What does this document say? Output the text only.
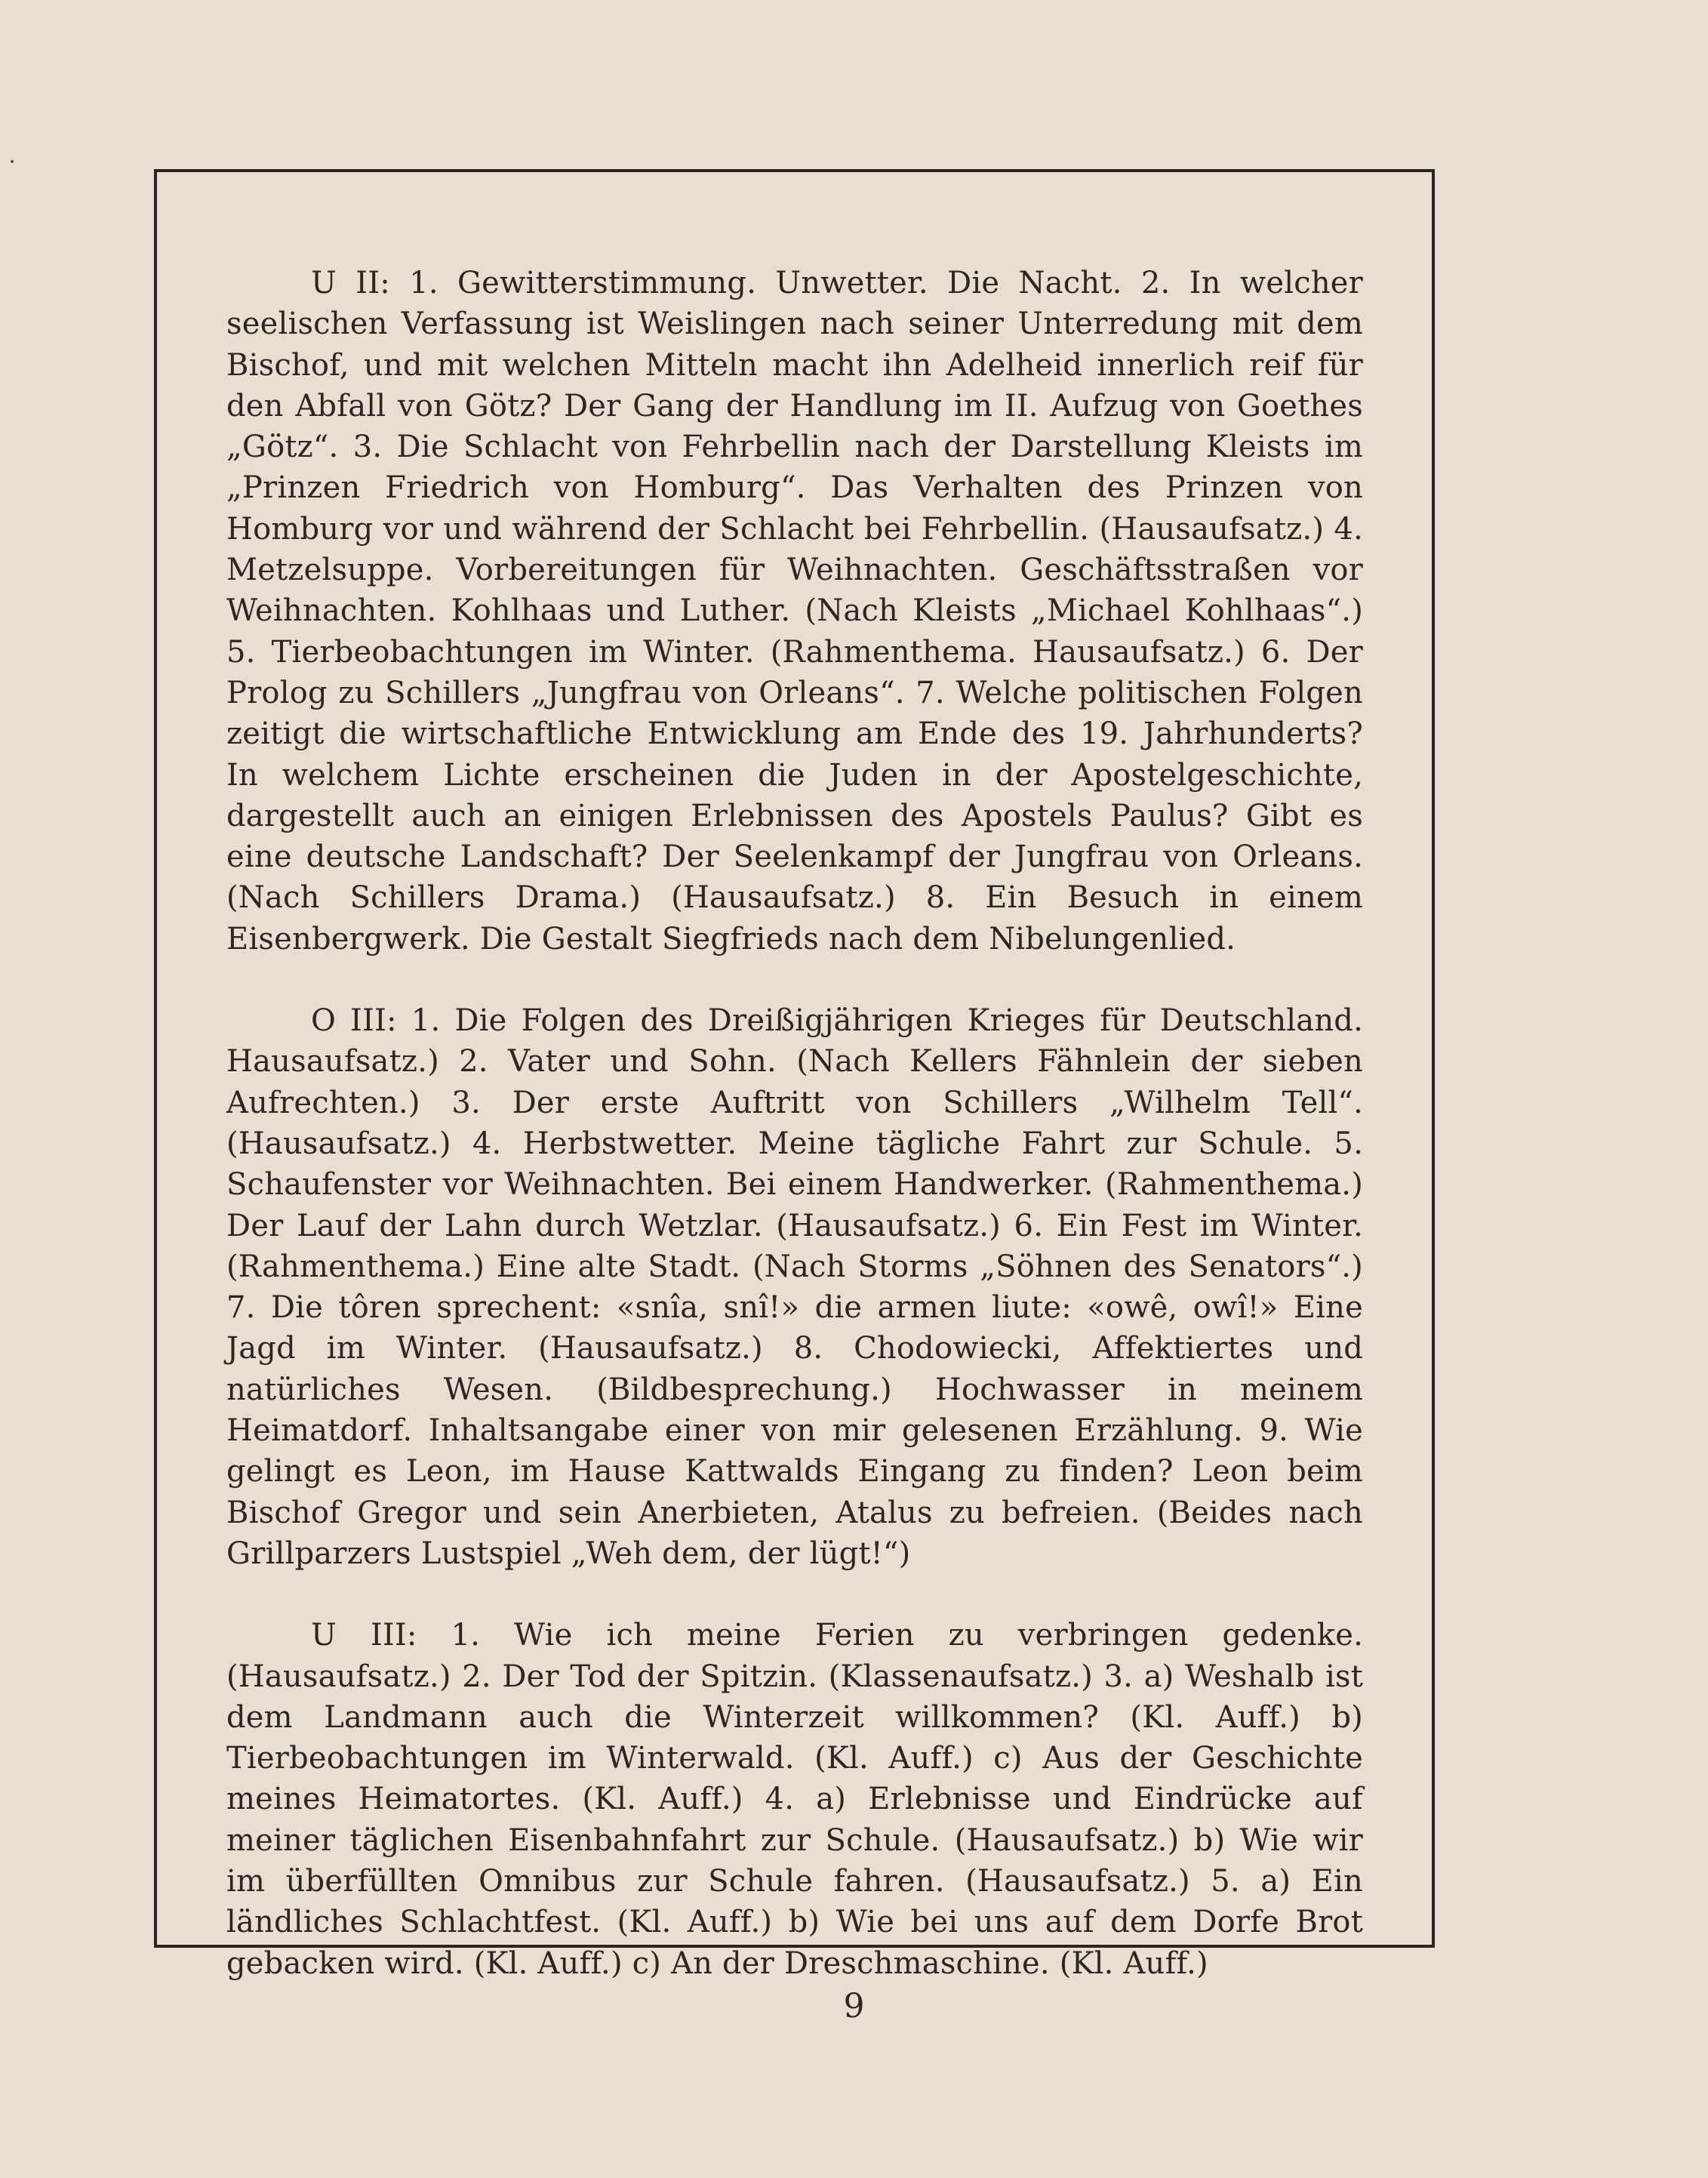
U II: 1. Gewitterstimmung. Unwetter. Die Nacht. 2. In welcher seelischen Verfassung ist Weislingen nach seiner Unterredung mit dem Bischof, und mit welchen Mitteln macht ihn Adelheid innerlich reif für den Abfall von Götz? Der Gang der Handlung im II. Aufzug von Goethes „Götz“. 3. Die Schlacht von Fehrbellin nach der Darstellung Kleists im „Prinzen Friedrich von Homburg“. Das Verhalten des Prinzen von Homburg vor und während der Schlacht bei Fehrbellin. (Hausaufsatz.) 4. Metzelsuppe. Vorbereitungen für Weihnachten. Geschäftsstraßen vor Weihnachten. Kohlhaas und Luther. (Nach Kleists „Michael Kohlhaas“.) 5. Tierbeobachtungen im Winter. (Rahmenthema. Hausaufsatz.) 6. Der Prolog zu Schillers „Jungfrau von Orleans“. 7. Welche politischen Folgen zeitigt die wirtschaftliche Entwicklung am Ende des 19. Jahrhunderts? In welchem Lichte erscheinen die Juden in der Apostelgeschichte, dargestellt auch an einigen Erlebnissen des Apostels Paulus? Gibt es eine deutsche Landschaft? Der Seelenkampf der Jungfrau von Orleans. (Nach Schillers Drama.) (Hausaufsatz.) 8. Ein Besuch in einem Eisenbergwerk. Die Gestalt Siegfrieds nach dem Nibelungenlied.

O III: 1. Die Folgen des Dreißigjährigen Krieges für Deutschland. Hausaufsatz.) 2. Vater und Sohn. (Nach Kellers Fähnlein der sieben Aufrechten.) 3. Der erste Auftritt von Schillers „Wilhelm Tell“. (Hausaufsatz.) 4. Herbstwetter. Meine tägliche Fahrt zur Schule. 5. Schaufenster vor Weihnachten. Bei einem Handwerker. (Rahmenthema.) Der Lauf der Lahn durch Wetzlar. (Hausaufsatz.) 6. Ein Fest im Winter. (Rahmenthema.) Eine alte Stadt. (Nach Storms „Söhnen des Senators“.) 7. Die tôren sprechent: «snîa, snî!» die armen liute: «owê, owî!» Eine Jagd im Winter. (Hausaufsatz.) 8. Chodowiecki, Affektiertes und natürliches Wesen. (Bildbesprechung.) Hochwasser in meinem Heimatdorf. Inhaltsangabe einer von mir gelesenen Erzählung. 9. Wie gelingt es Leon, im Hause Kattwalds Eingang zu finden? Leon beim Bischof Gregor und sein Anerbieten, Atalus zu befreien. (Beides nach Grillparzers Lustspiel „Weh dem, der lügt!“)

U III: 1. Wie ich meine Ferien zu verbringen gedenke. (Hausaufsatz.) 2. Der Tod der Spitzin. (Klassenaufsatz.) 3. a) Weshalb ist dem Landmann auch die Winterzeit willkommen? (Kl. Auff.) b) Tierbeobachtungen im Winterwald. (Kl. Auff.) c) Aus der Geschichte meines Heimatortes. (Kl. Auff.) 4. a) Erlebnisse und Eindrücke auf meiner täglichen Eisenbahnfahrt zur Schule. (Hausaufsatz.) b) Wie wir im überfüllten Omnibus zur Schule fahren. (Hausaufsatz.) 5. a) Ein ländliches Schlachtfest. (Kl. Auff.) b) Wie bei uns auf dem Dorfe Brot gebacken wird. (Kl. Auff.) c) An der Dreschmaschine. (Kl. Auff.)

9
